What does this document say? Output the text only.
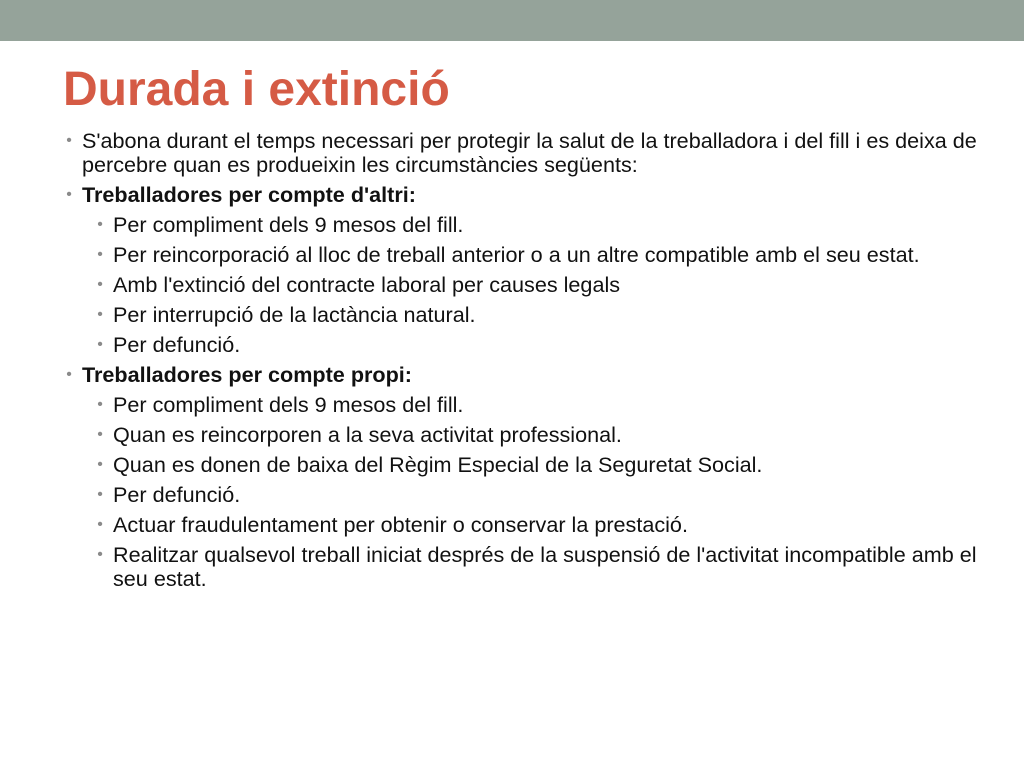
Durada i extinció
• S'abona durant el temps necessari per protegir la salut de la treballadora i del fill i es deixa de percebre quan es produeixin les circumstàncies següents:
• Treballadores per compte d'altri:
• Per compliment dels 9 mesos del fill.
• Per reincorporació al lloc de treball anterior o a un altre compatible amb el seu estat.
• Amb l'extinció del contracte laboral per causes legals
• Per interrupció de la lactància natural.
• Per defunció.
• Treballadores per compte propi:
• Per compliment dels 9 mesos del fill.
• Quan es reincorporen a la seva activitat professional.
• Quan es donen de baixa del Règim Especial de la Seguretat Social.
• Per defunció.
• Actuar fraudulentament per obtenir o conservar la prestació.
• Realitzar qualsevol treball iniciat després de la suspensió de l'activitat incompatible amb el seu estat.
